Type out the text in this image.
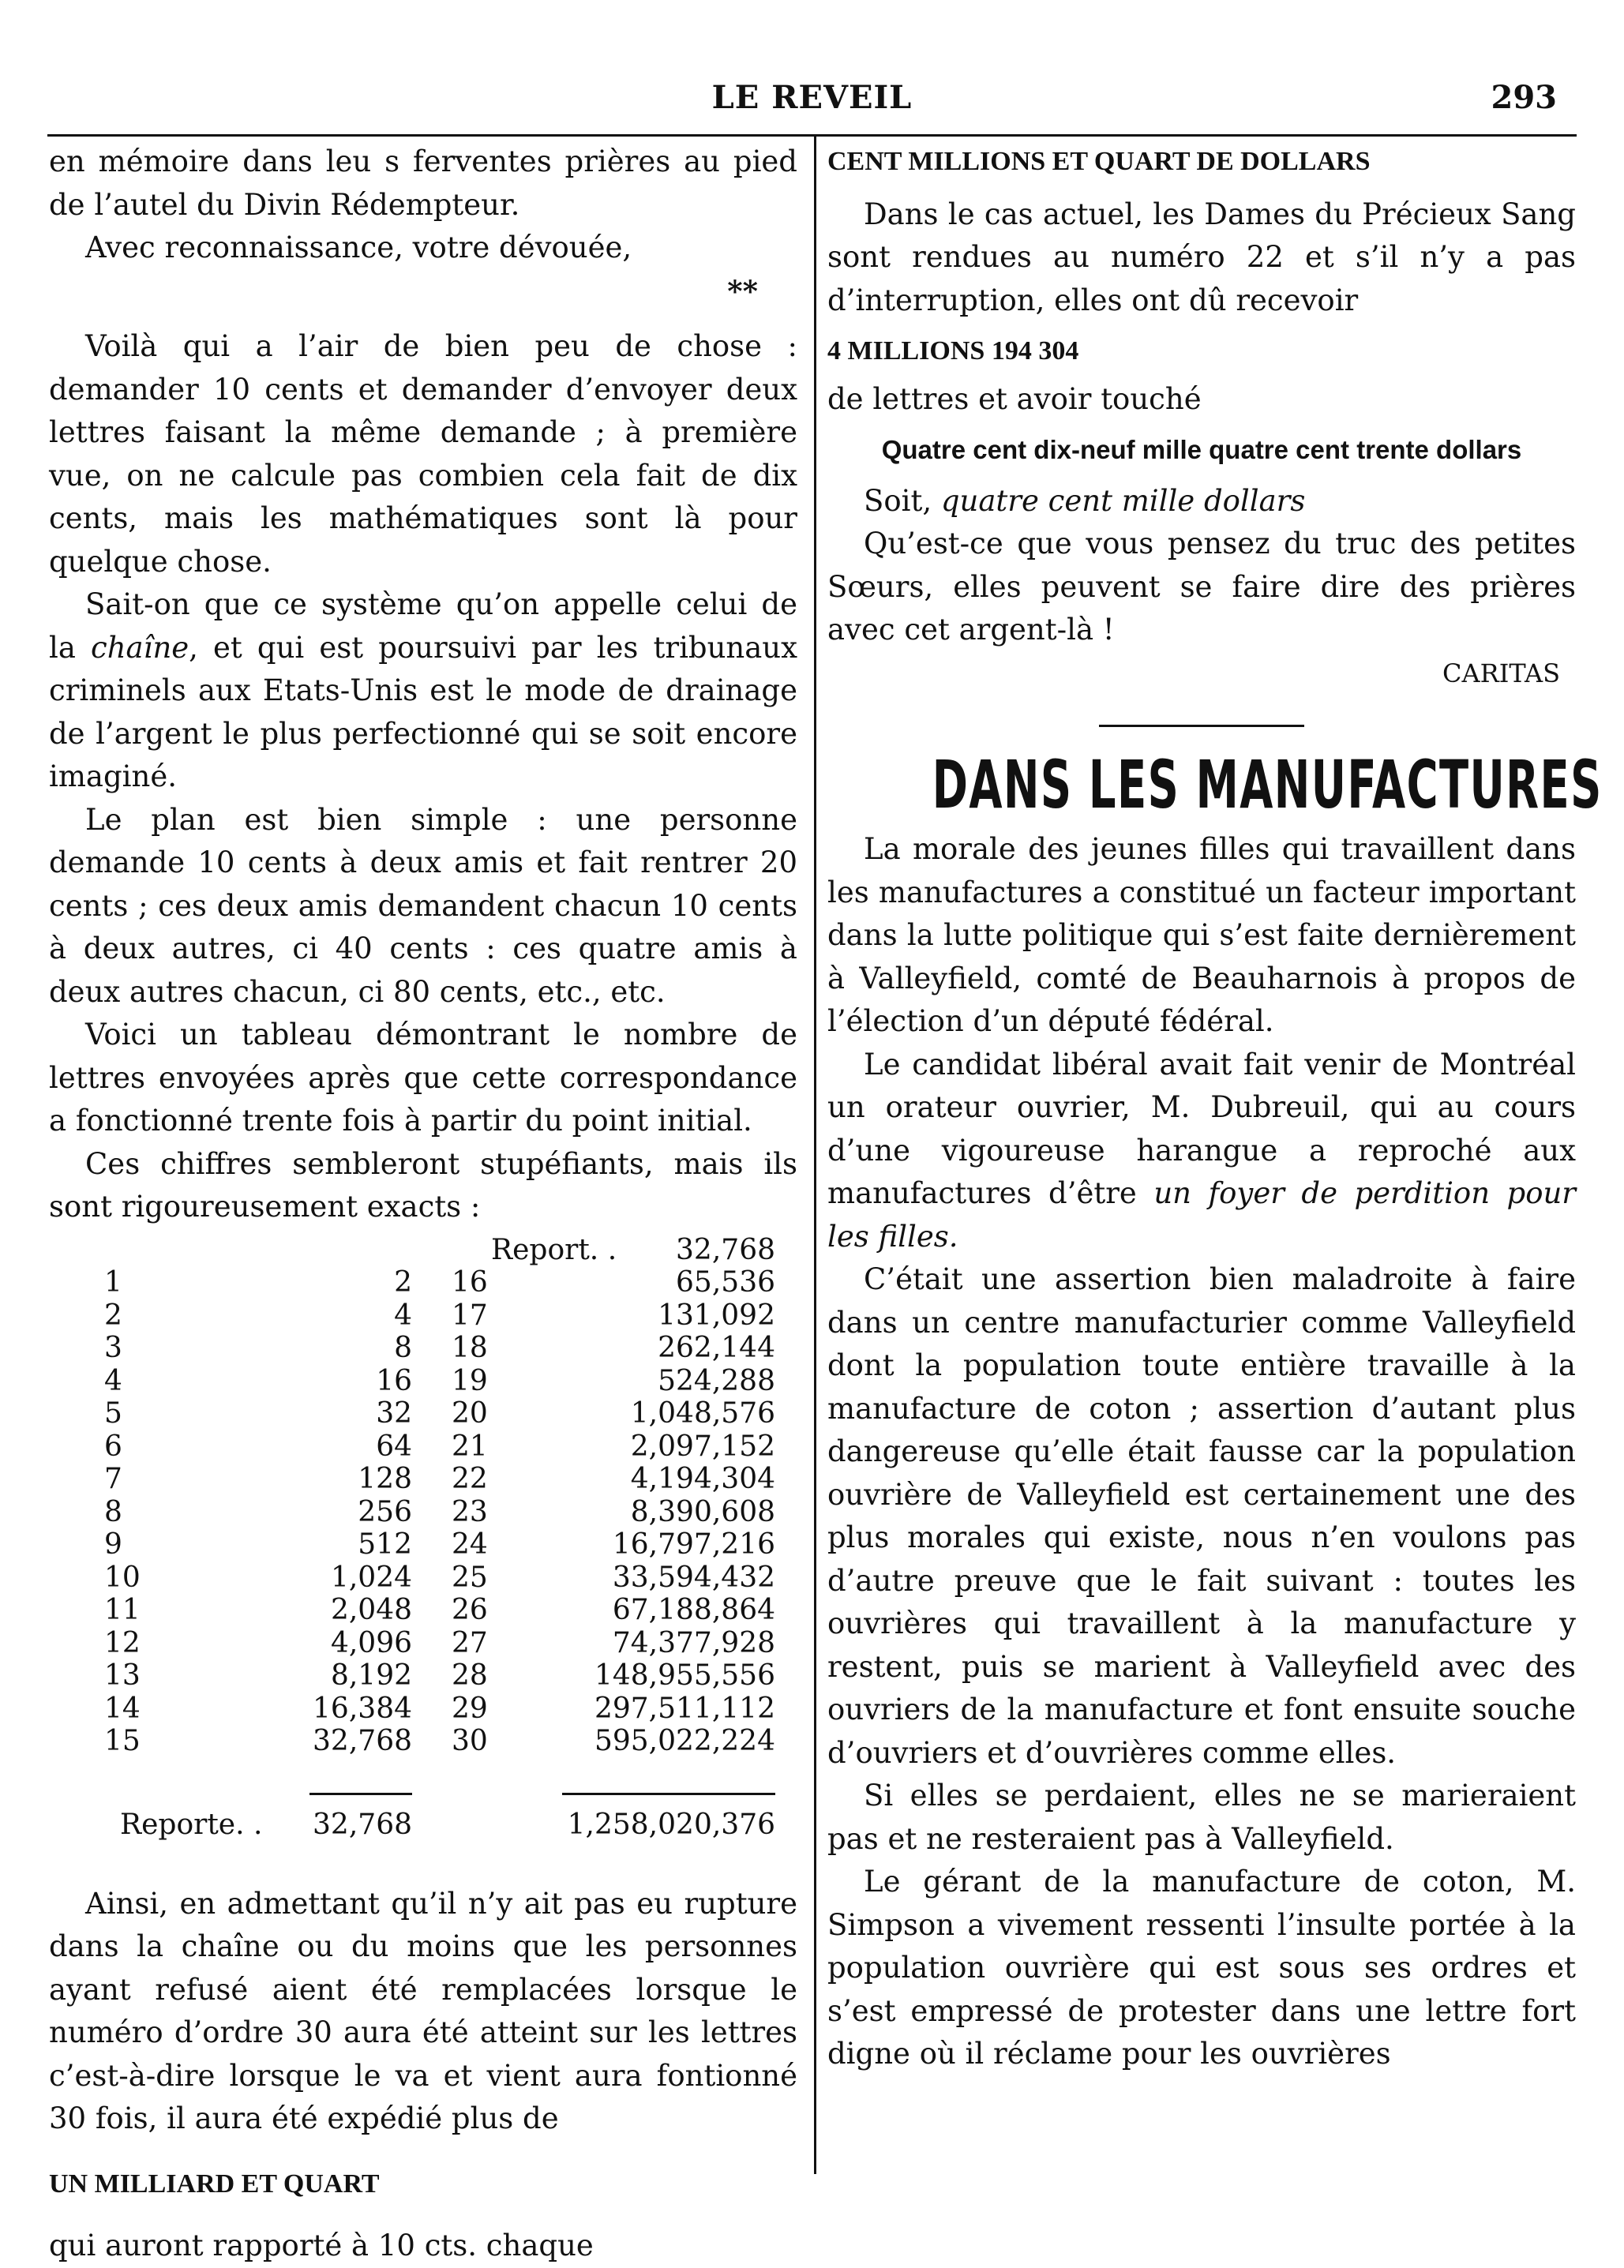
LE REVEIL	293

en mémoire dans leu s ferventes prières au pied de l’autel du Divin Rédempteur.

Avec reconnaissance, votre dévouée,

**

Voilà qui a l’air de bien peu de chose : demander 10 cents et demander d’envoyer deux lettres faisant la même demande ; à première vue, on ne calcule pas combien cela fait de dix cents, mais les mathématiques sont là pour quelque chose.

Sait-on que ce système qu’on appelle celui de la chaîne, et qui est poursuivi par les tribunaux criminels aux Etats-Unis est le mode de drainage de l’argent le plus perfectionné qui se soit encore imaginé.

Le plan est bien simple : une personne demande 10 cents à deux amis et fait rentrer 20 cents ; ces deux amis demandent chacun 10 cents à deux autres, ci 40 cents : ces quatre amis à deux autres chacun, ci 80 cents, etc., etc.

Voici un tableau démontrant le nombre de lettres envoyées après que cette correspondance a fonctionné trente fois à partir du point initial.

Ces chiffres sembleront stupéfiants, mais ils sont rigoureusement exacts :

Report. . 32,768
1
2
3
4
5
6
7
8
9
10
11
12
13
14
15
2
4
8
16
32
64
128
256
512
1,024
2,048
4,096
8,192
16,384
32,768
16
17
18
19
20
21
22
23
24
25
26
27
28
29
30
65,536
131,092
262,144
524,288
1,048,576
2,097,152
4,194,304
8,390,608
16,797,216
33,594,432
67,188,864
74,377,928
148,955,556
297,511,112
595,022,224
Reporte. . 32,768	1,258,020,376

Ainsi, en admettant qu’il n’y ait pas eu rupture dans la chaîne ou du moins que les personnes ayant refusé aient été remplacées lorsque le numéro d’ordre 30 aura été atteint sur les lettres c’est-à-dire lorsque le va et vient aura fontionné 30 fois, il aura été expédié plus de

UN MILLIARD ET QUART

qui auront rapporté à 10 cts. chaque

CENT MILLIONS ET QUART DE DOLLARS

Dans le cas actuel, les Dames du Précieux Sang sont rendues au numéro 22 et s’il n’y a pas d’interruption, elles ont dû recevoir

4 MILLIONS 194 304

de lettres et avoir touché

Quatre cent dix-neuf mille quatre cent trente dollars

Soit, quatre cent mille dollars

Qu’est-ce que vous pensez du truc des petites Sœurs, elles peuvent se faire dire des prières avec cet argent-là !

CARITAS

DANS LES MANUFACTURES

La morale des jeunes filles qui travaillent dans les manufactures a constitué un facteur important dans la lutte politique qui s’est faite dernièrement à Valleyfield, comté de Beauharnois à propos de l’élection d’un député fédéral.

Le candidat libéral avait fait venir de Montréal un orateur ouvrier, M. Dubreuil, qui au cours d’une vigoureuse harangue a reproché aux manufactures d’être un foyer de perdition pour les filles.

C’était une assertion bien maladroite à faire dans un centre manufacturier comme Valleyfield dont la population toute entière travaille à la manufacture de coton ; assertion d’autant plus dangereuse qu’elle était fausse car la population ouvrière de Valleyfield est certainement une des plus morales qui existe, nous n’en voulons pas d’autre preuve que le fait suivant : toutes les ouvrières qui travaillent à la manufacture y restent, puis se marient à Valleyfield avec des ouvriers de la manufacture et font ensuite souche d’ouvriers et d’ouvrières comme elles.

Si elles se perdaient, elles ne se marieraient pas et ne resteraient pas à Valleyfield.

Le gérant de la manufacture de coton, M. Simpson a vivement ressenti l’insulte portée à la population ouvrière qui est sous ses ordres et s’est empressé de protester dans une lettre fort digne où il réclame pour les ouvrières
